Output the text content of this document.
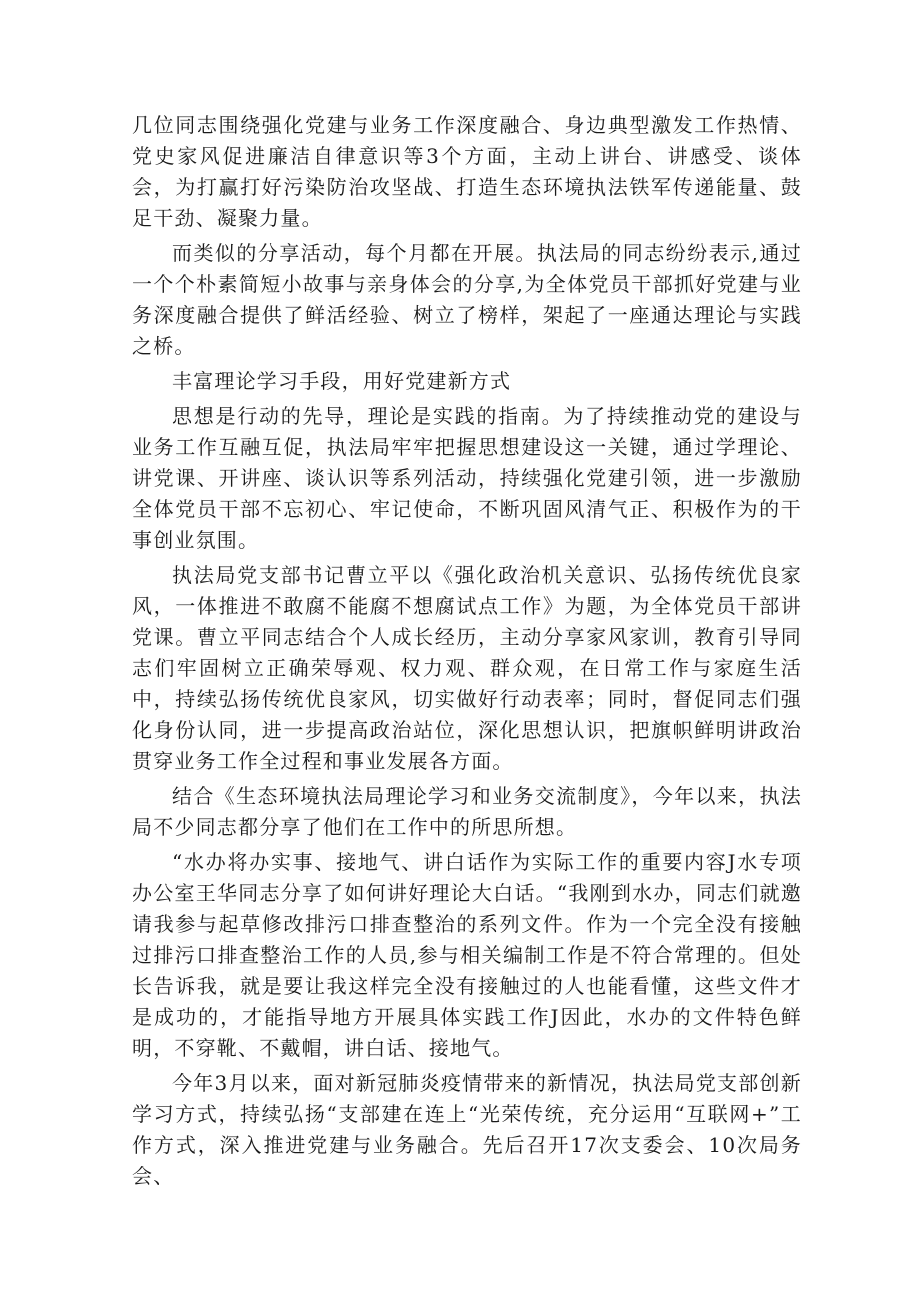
几位同志围绕强化党建与业务工作深度融合、身边典型激发工作热情、党史家风促进廉洁自律意识等3个方面，主动上讲台、讲感受、谈体会，为打赢打好污染防治攻坚战、打造生态环境执法铁军传递能量、鼓足干劲、凝聚力量。

而类似的分享活动，每个月都在开展。执法局的同志纷纷表示,通过一个个朴素简短小故事与亲身体会的分享,为全体党员干部抓好党建与业务深度融合提供了鲜活经验、树立了榜样，架起了一座通达理论与实践之桥。

丰富理论学习手段，用好党建新方式

思想是行动的先导，理论是实践的指南。为了持续推动党的建设与业务工作互融互促，执法局牢牢把握思想建设这一关键，通过学理论、讲党课、开讲座、谈认识等系列活动，持续强化党建引领，进一步激励全体党员干部不忘初心、牢记使命，不断巩固风清气正、积极作为的干事创业氛围。

执法局党支部书记曹立平以《强化政治机关意识、弘扬传统优良家风，一体推进不敢腐不能腐不想腐试点工作》为题，为全体党员干部讲党课。曹立平同志结合个人成长经历，主动分享家风家训，教育引导同志们牢固树立正确荣辱观、权力观、群众观，在日常工作与家庭生活中，持续弘扬传统优良家风，切实做好行动表率；同时，督促同志们强化身份认同，进一步提高政治站位，深化思想认识，把旗帜鲜明讲政治贯穿业务工作全过程和事业发展各方面。

结合《生态环境执法局理论学习和业务交流制度》，今年以来，执法局不少同志都分享了他们在工作中的所思所想。

“水办将办实事、接地气、讲白话作为实际工作的重要内容J水专项办公室王华同志分享了如何讲好理论大白话。“我刚到水办，同志们就邀请我参与起草修改排污口排查整治的系列文件。作为一个完全没有接触过排污口排查整治工作的人员,参与相关编制工作是不符合常理的。但处长告诉我，就是要让我这样完全没有接触过的人也能看懂，这些文件才是成功的，才能指导地方开展具体实践工作J因此，水办的文件特色鲜明，不穿靴、不戴帽，讲白话、接地气。

今年3月以来，面对新冠肺炎疫情带来的新情况，执法局党支部创新学习方式，持续弘扬“支部建在连上“光荣传统，充分运用“互联网+”工作方式，深入推进党建与业务融合。先后召开17次支委会、10次局务会、
